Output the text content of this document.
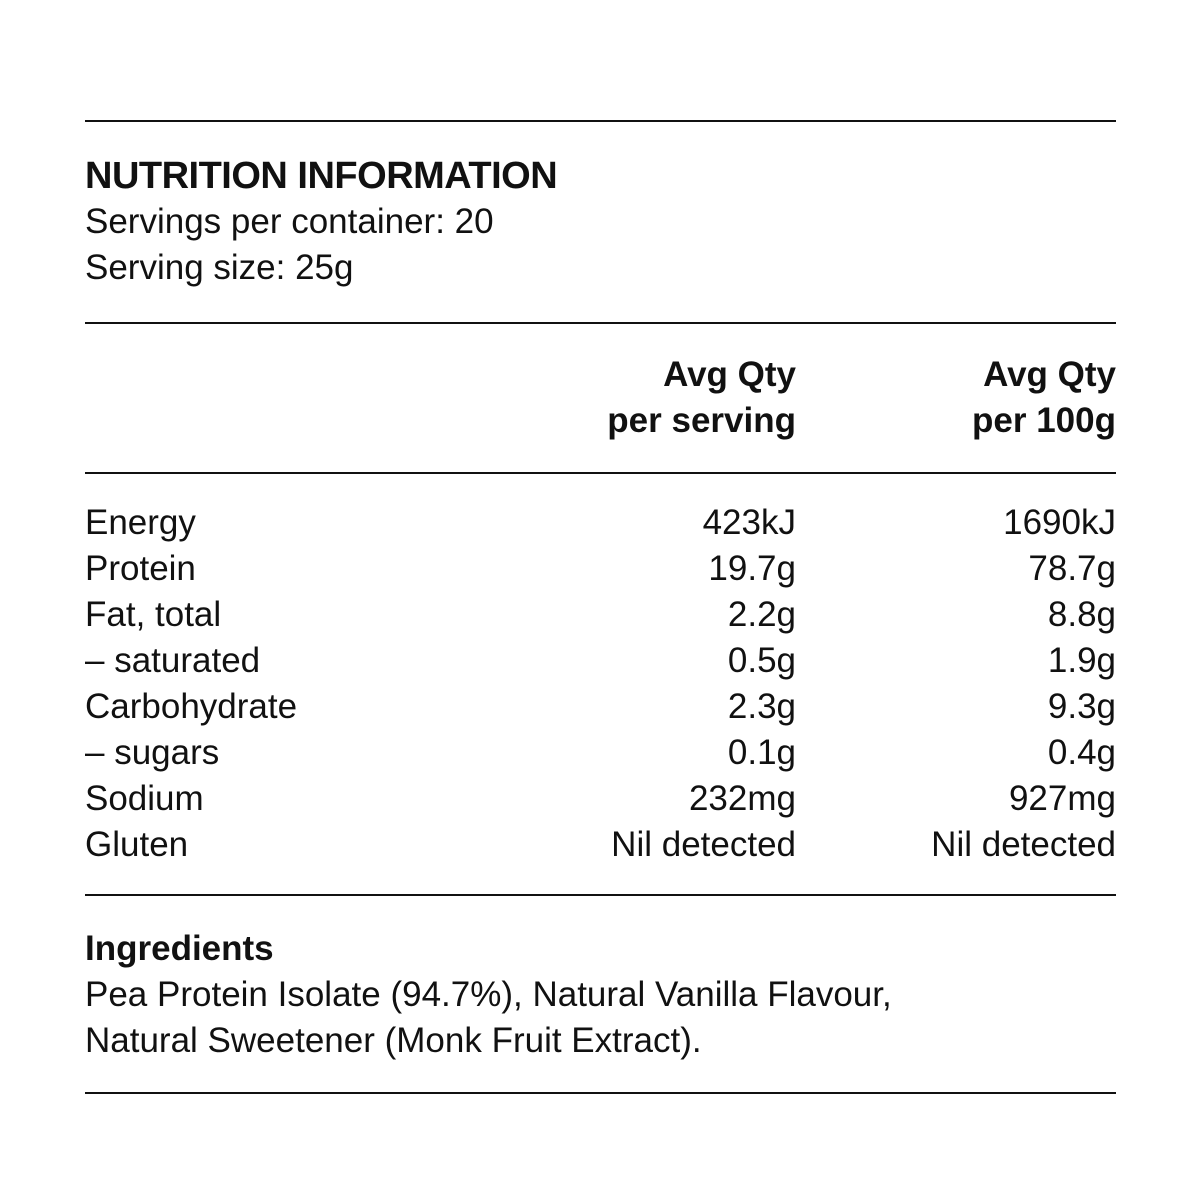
NUTRITION INFORMATION

Servings per container: 20

Serving size: 25g

Avg Qty
per serving
Avg Qty
per 100g
Energy	423kJ	1690kJ
Protein	19.7g	78.7g
Fat, total	2.2g	8.8g
– saturated	0.5g	1.9g
Carbohydrate	2.3g	9.3g
– sugars	0.1g	0.4g
Sodium	232mg	927mg
Gluten	Nil detected	Nil detected

Ingredients

Pea Protein Isolate (94.7%), Natural Vanilla Flavour,

Natural Sweetener (Monk Fruit Extract).
